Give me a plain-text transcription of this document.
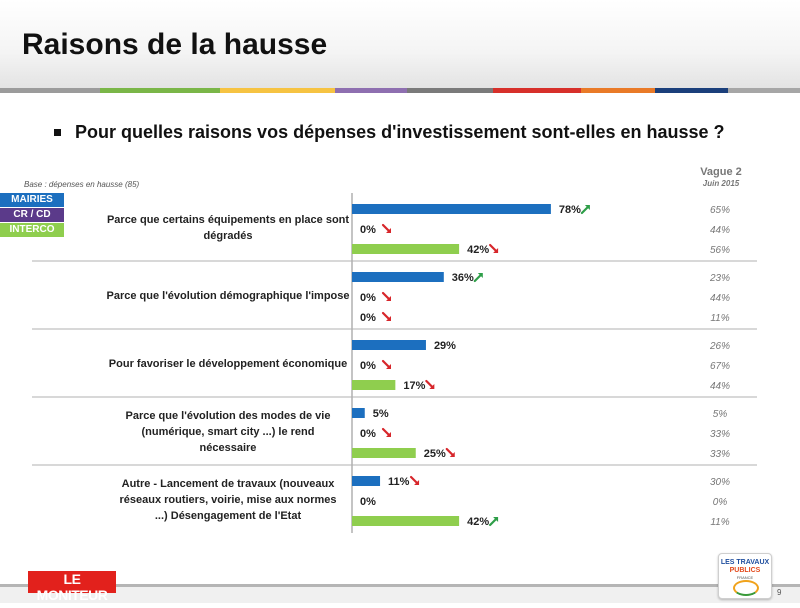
Raisons de la hausse
Pour quelles raisons vos dépenses d'investissement sont-elles en hausse ?
Base : dépenses en hausse (85)
MAIRIES
CR / CD
INTERCO
Vague 2
Juin 2015
Parce que certains équipements en place sont dégradés
78%	65%
0%	44%
42%	56%
Parce que l'évolution démographique l'impose
36%	23%
0%	44%
0%	11%
Pour favoriser le développement économique
29%	26%
0%	67%
17%	44%
Parce que l'évolution des modes de vie (numérique, smart city ...) le rend nécessaire
5%	5%
0%	33%
25%	33%
Autre - Lancement de travaux (nouveaux réseaux routiers, voirie, mise aux normes ...) Désengagement de l'Etat
11%	30%
0%	0%
42%	11%
LE MONITEUR
DES TRAVAUX PUBLICS ET DU BÂTIMENT
LES TRAVAUX
PUBLICS
FRANCE
9
